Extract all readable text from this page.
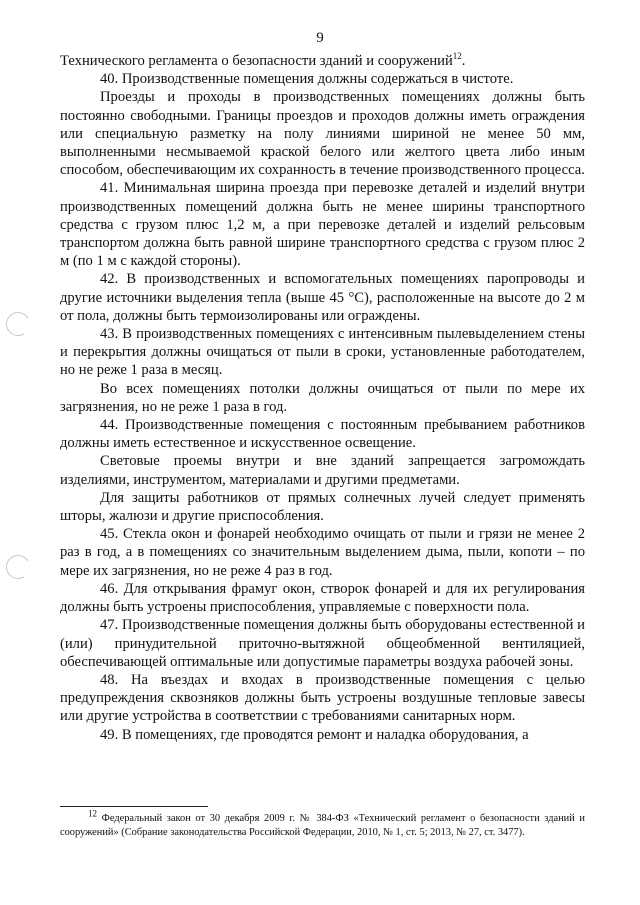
9

Технического регламента о безопасности зданий и сооружений$^{12}$.

40. Производственные помещения должны содержаться в чистоте.

Проезды и проходы в производственных помещениях должны быть постоянно свободными. Границы проездов и проходов должны иметь ограждения или специальную разметку на полу линиями шириной не менее 50 мм, выполненными несмываемой краской белого или желтого цвета либо иным способом, обеспечивающим их сохранность в течение производственного процесса.

41. Минимальная ширина проезда при перевозке деталей и изделий внутри производственных помещений должна быть не менее ширины транспортного средства с грузом плюс 1,2 м, а при перевозке деталей и изделий рельсовым транспортом должна быть равной ширине транспортного средства с грузом плюс 2 м (по 1 м с каждой стороны).

42. В производственных и вспомогательных помещениях паропроводы и другие источники выделения тепла (выше 45 °C), расположенные на высоте до 2 м от пола, должны быть термоизолированы или ограждены.

43. В производственных помещениях с интенсивным пылевыделением стены и перекрытия должны очищаться от пыли в сроки, установленные работодателем, но не реже 1 раза в месяц.

Во всех помещениях потолки должны очищаться от пыли по мере их загрязнения, но не реже 1 раза в год.

44. Производственные помещения с постоянным пребыванием работников должны иметь естественное и искусственное освещение.

Световые проемы внутри и вне зданий запрещается загромождать изделиями, инструментом, материалами и другими предметами.

Для защиты работников от прямых солнечных лучей следует применять шторы, жалюзи и другие приспособления.

45. Стекла окон и фонарей необходимо очищать от пыли и грязи не менее 2 раз в год, а в помещениях со значительным выделением дыма, пыли, копоти – по мере их загрязнения, но не реже 4 раз в год.

46. Для открывания фрамуг окон, створок фонарей и для их регулирования должны быть устроены приспособления, управляемые с поверхности пола.

47. Производственные помещения должны быть оборудованы естественной и (или) принудительной приточно-вытяжной общеобменной вентиляцией, обеспечивающей оптимальные или допустимые параметры воздуха рабочей зоны.

48. На въездах и входах в производственные помещения с целью предупреждения сквозняков должны быть устроены воздушные тепловые завесы или другие устройства в соответствии с требованиями санитарных норм.

49. В помещениях, где проводятся ремонт и наладка оборудования, а

$^{12}$ Федеральный закон от 30 декабря 2009 г. № 384-ФЗ «Технический регламент о безопасности зданий и сооружений» (Собрание законодательства Российской Федерации, 2010, № 1, ст. 5; 2013, № 27, ст. 3477).
